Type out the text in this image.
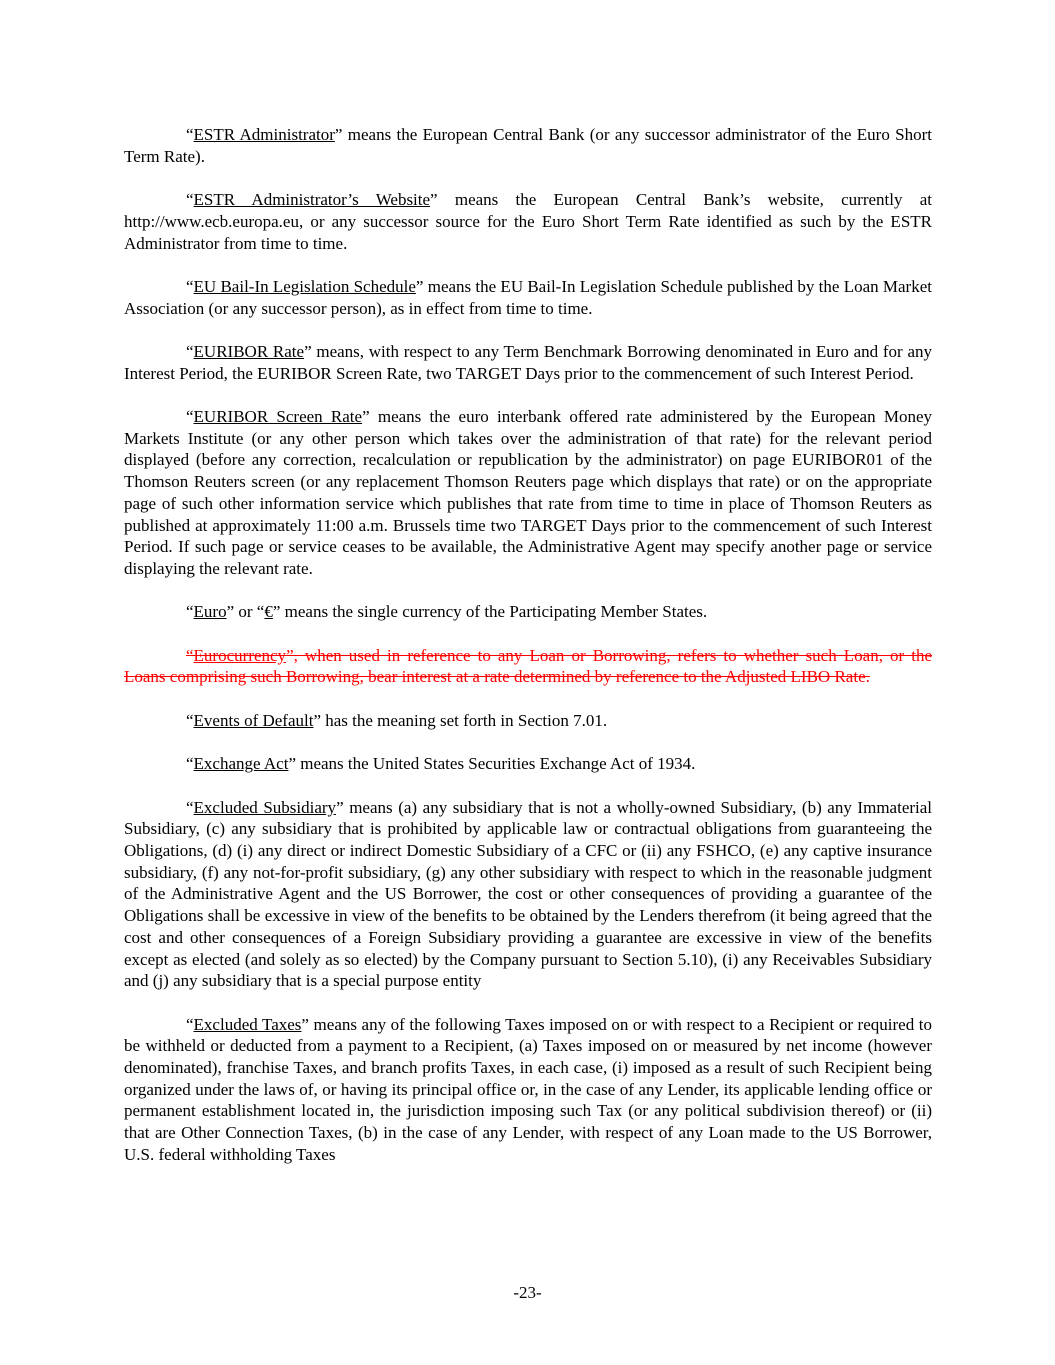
“ESTR Administrator” means the European Central Bank (or any successor administrator of the Euro Short Term Rate).

“ESTR Administrator’s Website” means the European Central Bank’s website, currently at http://www.ecb.europa.eu, or any successor source for the Euro Short Term Rate identified as such by the ESTR Administrator from time to time.

“EU Bail-In Legislation Schedule” means the EU Bail-In Legislation Schedule published by the Loan Market Association (or any successor person), as in effect from time to time.

“EURIBOR Rate” means, with respect to any Term Benchmark Borrowing denominated in Euro and for any Interest Period, the EURIBOR Screen Rate, two TARGET Days prior to the commencement of such Interest Period.

“EURIBOR Screen Rate” means the euro interbank offered rate administered by the European Money Markets Institute (or any other person which takes over the administration of that rate) for the relevant period displayed (before any correction, recalculation or republication by the administrator) on page EURIBOR01 of the Thomson Reuters screen (or any replacement Thomson Reuters page which displays that rate) or on the appropriate page of such other information service which publishes that rate from time to time in place of Thomson Reuters as published at approximately 11:00 a.m. Brussels time two TARGET Days prior to the commencement of such Interest Period. If such page or service ceases to be available, the Administrative Agent may specify another page or service displaying the relevant rate.

“Euro” or “€” means the single currency of the Participating Member States.

“Eurocurrency”, when used in reference to any Loan or Borrowing, refers to whether such Loan, or the Loans comprising such Borrowing, bear interest at a rate determined by reference to the Adjusted LIBO Rate.

“Events of Default” has the meaning set forth in Section 7.01.

“Exchange Act” means the United States Securities Exchange Act of 1934.

“Excluded Subsidiary” means (a) any subsidiary that is not a wholly-owned Subsidiary, (b) any Immaterial Subsidiary, (c) any subsidiary that is prohibited by applicable law or contractual obligations from guaranteeing the Obligations, (d) (i) any direct or indirect Domestic Subsidiary of a CFC or (ii) any FSHCO, (e) any captive insurance subsidiary, (f) any not-for-profit subsidiary, (g) any other subsidiary with respect to which in the reasonable judgment of the Administrative Agent and the US Borrower, the cost or other consequences of providing a guarantee of the Obligations shall be excessive in view of the benefits to be obtained by the Lenders therefrom (it being agreed that the cost and other consequences of a Foreign Subsidiary providing a guarantee are excessive in view of the benefits except as elected (and solely as so elected) by the Company pursuant to Section 5.10), (i) any Receivables Subsidiary and (j) any subsidiary that is a special purpose entity

“Excluded Taxes” means any of the following Taxes imposed on or with respect to a Recipient or required to be withheld or deducted from a payment to a Recipient, (a) Taxes imposed on or measured by net income (however denominated), franchise Taxes, and branch profits Taxes, in each case, (i) imposed as a result of such Recipient being organized under the laws of, or having its principal office or, in the case of any Lender, its applicable lending office or permanent establishment located in, the jurisdiction imposing such Tax (or any political subdivision thereof) or (ii) that are Other Connection Taxes, (b) in the case of any Lender, with respect of any Loan made to the US Borrower, U.S. federal withholding Taxes

-23-
